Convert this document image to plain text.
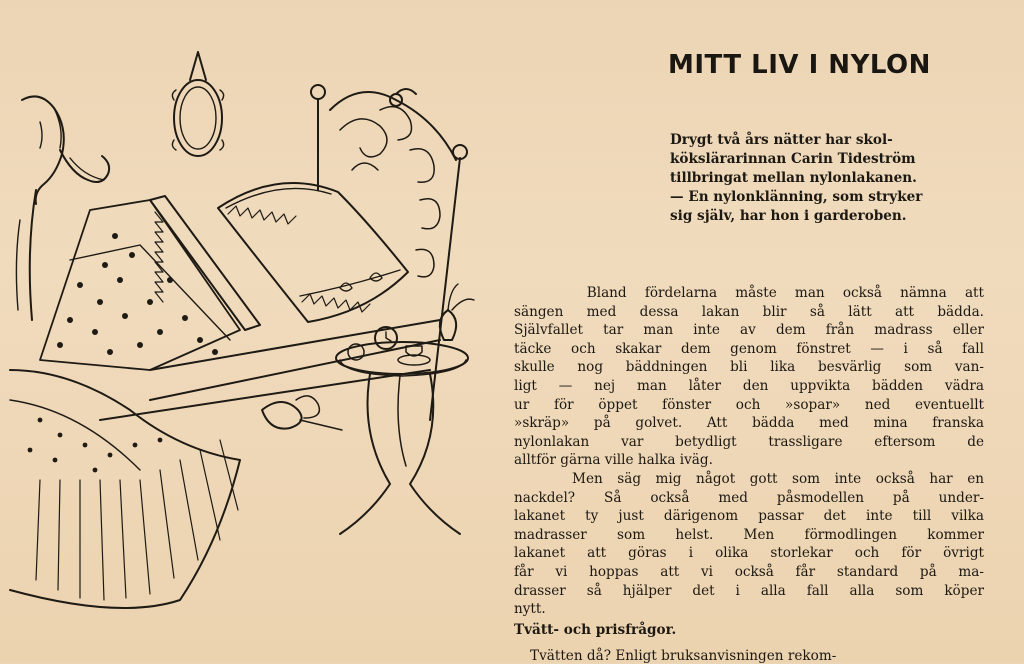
MITT LIV I NYLON
Drygt två års nätter har skol-
kökslärarinnan Carin Tideström
tillbringat mellan nylonlakanen.
— En nylonklänning, som stryker
sig själv, har hon i garderoben.
Bland fördelarna måste man också nämna att
sängen med dessa lakan blir så lätt att bädda.
Självfallet tar man inte av dem från madrass eller
täcke och skakar dem genom fönstret — i så fall
skulle nog bäddningen bli lika besvärlig som van-
ligt — nej man låter den uppvikta bädden vädra
ur för öppet fönster och »sopar» ned eventuellt
»skräp» på golvet. Att bädda med mina franska
nylonlakan var betydligt trassligare eftersom de
alltför gärna ville halka iväg.
Men säg mig något gott som inte också har en
nackdel? Så också med påsmodellen på under-
lakanet ty just därigenom passar det inte till vilka
madrasser som helst. Men förmodlingen kommer
lakanet att göras i olika storlekar och för övrigt
får vi hoppas att vi också får standard på ma-
drasser så hjälper det i alla fall alla som köper
nytt.
Tvätt- och prisfrågor.
Tvätten då? Enligt bruksanvisningen rekom-
